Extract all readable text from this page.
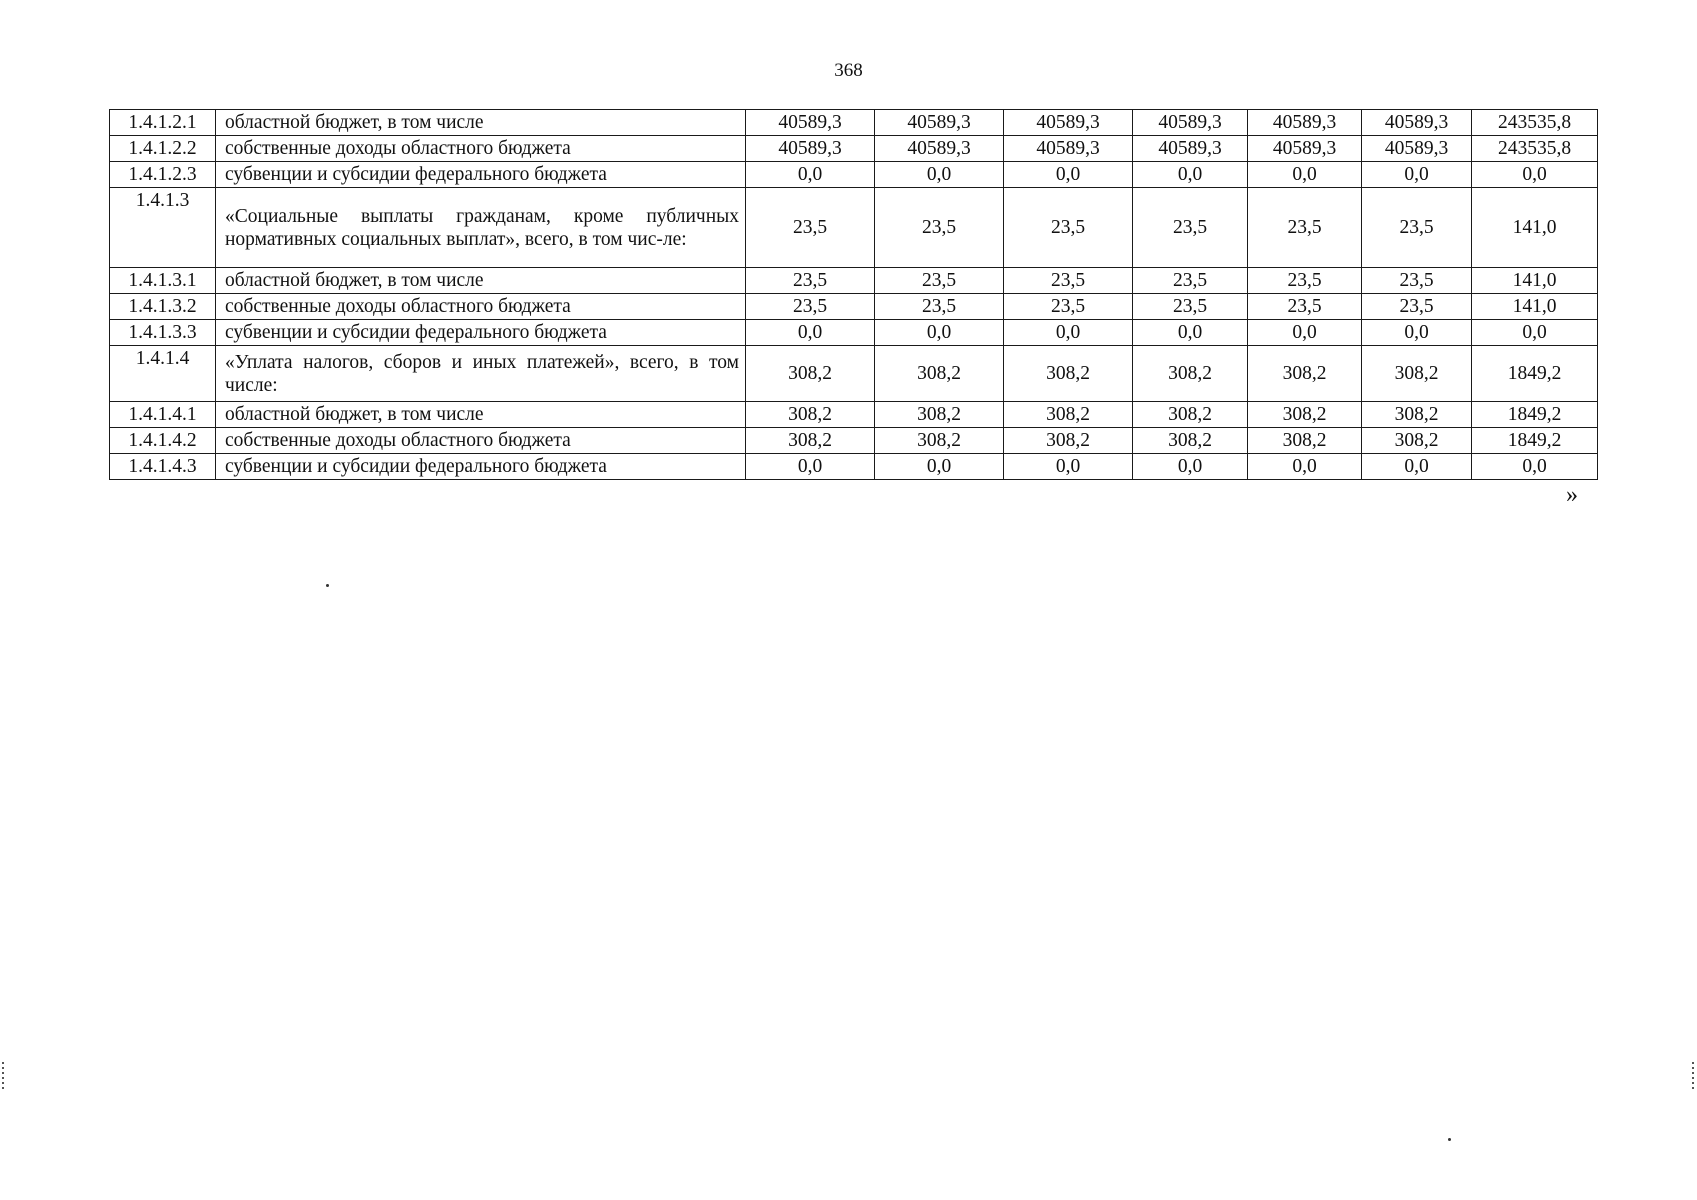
368
1.4.1.2.1	областной бюджет, в том числе	40589,3	40589,3	40589,3	40589,3	40589,3	40589,3	243535,8
1.4.1.2.2	собственные доходы областного бюджета	40589,3	40589,3	40589,3	40589,3	40589,3	40589,3	243535,8
1.4.1.2.3	субвенции и субсидии федерального бюджета	0,0	0,0	0,0	0,0	0,0	0,0	0,0
1.4.1.3	«Социальные выплаты гражданам, кроме публичных нормативных социальных выплат», всего, в том чис-ле:	23,5	23,5	23,5	23,5	23,5	23,5	141,0
1.4.1.3.1	областной бюджет, в том числе	23,5	23,5	23,5	23,5	23,5	23,5	141,0
1.4.1.3.2	собственные доходы областного бюджета	23,5	23,5	23,5	23,5	23,5	23,5	141,0
1.4.1.3.3	субвенции и субсидии федерального бюджета	0,0	0,0	0,0	0,0	0,0	0,0	0,0
1.4.1.4	«Уплата налогов, сборов и иных платежей», всего, в том числе:	308,2	308,2	308,2	308,2	308,2	308,2	1849,2
1.4.1.4.1	областной бюджет, в том числе	308,2	308,2	308,2	308,2	308,2	308,2	1849,2
1.4.1.4.2	собственные доходы областного бюджета	308,2	308,2	308,2	308,2	308,2	308,2	1849,2
1.4.1.4.3	субвенции и субсидии федерального бюджета	0,0	0,0	0,0	0,0	0,0	0,0	0,0
»
